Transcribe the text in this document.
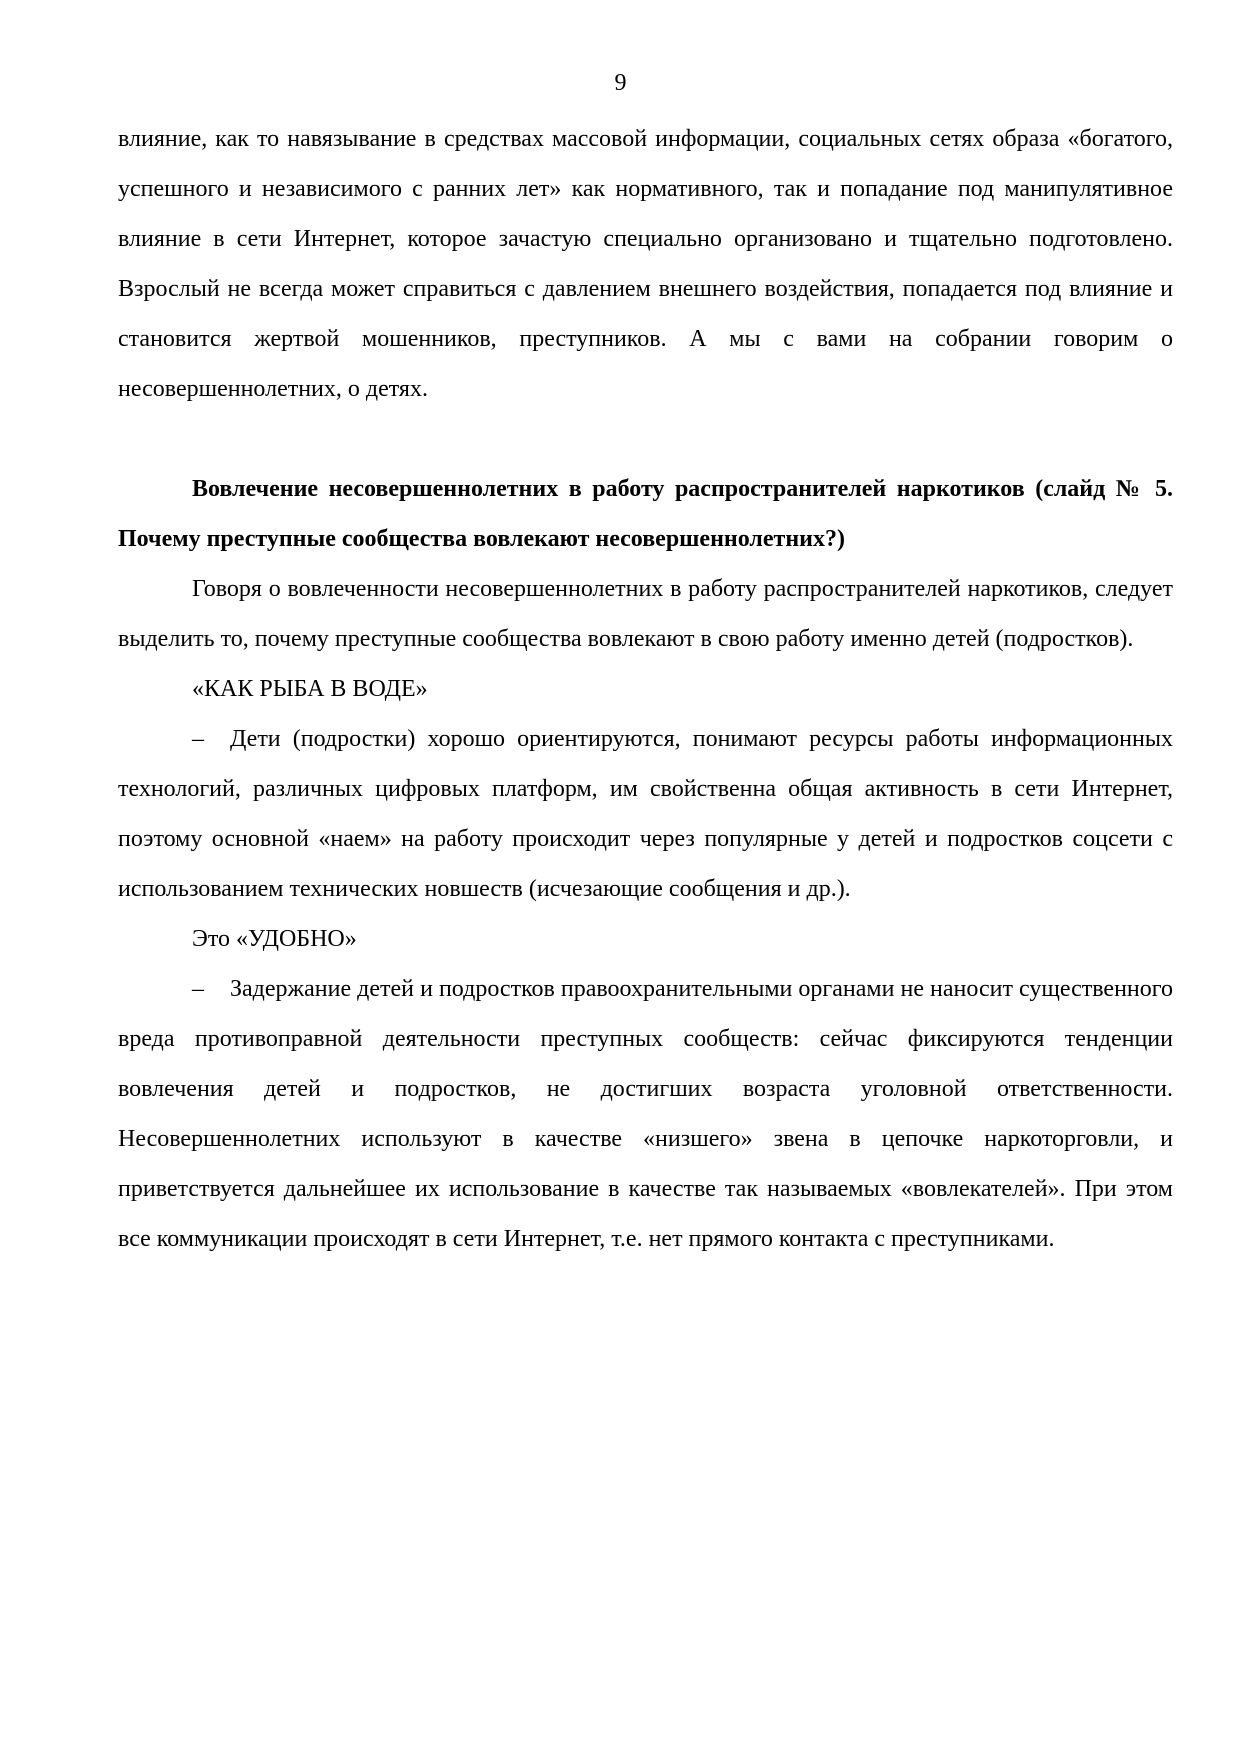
9

влияние, как то навязывание в средствах массовой информации, социальных сетях образа «богатого, успешного и независимого с ранних лет» как нормативного, так и попадание под манипулятивное влияние в сети Интернет, которое зачастую специально организовано и тщательно подготовлено. Взрослый не всегда может справиться с давлением внешнего воздействия, попадается под влияние и становится жертвой мошенников, преступников. А мы с вами на собрании говорим о несовершеннолетних, о детях.

Вовлечение несовершеннолетних в работу распространителей наркотиков (слайд № 5. Почему преступные сообщества вовлекают несовершеннолетних?)

Говоря о вовлеченности несовершеннолетних в работу распространителей наркотиков, следует выделить то, почему преступные сообщества вовлекают в свою работу именно детей (подростков).

«КАК РЫБА В ВОДЕ»

– Дети (подростки) хорошо ориентируются, понимают ресурсы работы информационных технологий, различных цифровых платформ, им свойственна общая активность в сети Интернет, поэтому основной «наем» на работу происходит через популярные у детей и подростков соцсети с использованием технических новшеств (исчезающие сообщения и др.).

Это «УДОБНО»

– Задержание детей и подростков правоохранительными органами не наносит существенного вреда противоправной деятельности преступных сообществ: сейчас фиксируются тенденции вовлечения детей и подростков, не достигших возраста уголовной ответственности. Несовершеннолетних используют в качестве «низшего» звена в цепочке наркоторговли, и приветствуется дальнейшее их использование в качестве так называемых «вовлекателей». При этом все коммуникации происходят в сети Интернет, т.е. нет прямого контакта с преступниками.
